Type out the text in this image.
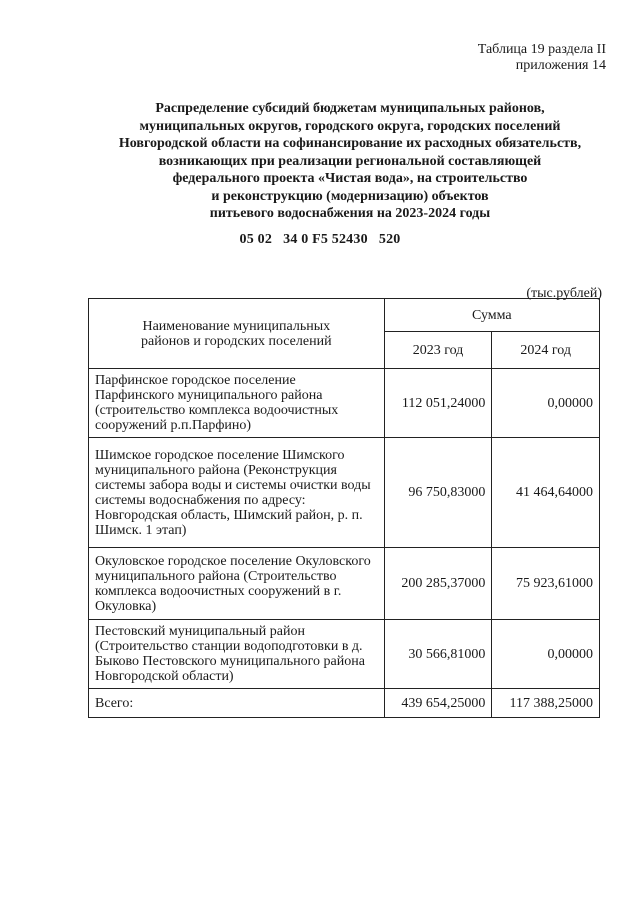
Таблица 19 раздела II
приложения 14
Распределение субсидий бюджетам муниципальных районов,
муниципальных округов, городского округа, городских поселений
Новгородской области на софинансирование их расходных обязательств,
возникающих при реализации региональной составляющей
федерального проекта «Чистая вода», на строительство
и реконструкцию (модернизацию) объектов
питьевого водоснабжения на 2023-2024 годы
05 02   34 0 F5 52430   520
(тыс.рублей)
Наименование муниципальных районов и городских поселений	Сумма	
	2023 год	2024 год
Парфинское городское поселение Парфинского муниципального района (строительство комплекса водоочистных сооружений р.п.Парфино)	112 051,24000	0,00000
Шимское городское поселение Шимского муниципального района (Реконструкция системы забора воды и системы очистки воды системы водоснабжения по адресу: Новгородская область, Шимский район, р. п. Шимск. 1 этап)	96 750,83000	41 464,64000
Окуловское городское поселение Окуловского муниципального района (Строительство комплекса водоочистных сооружений в г. Окуловка)	200 285,37000	75 923,61000
Пестовский муниципальный район (Строительство станции водоподготовки в д. Быково Пестовского муниципального района Новгородской области)	30 566,81000	0,00000
Всего:	439 654,25000	117 388,25000
